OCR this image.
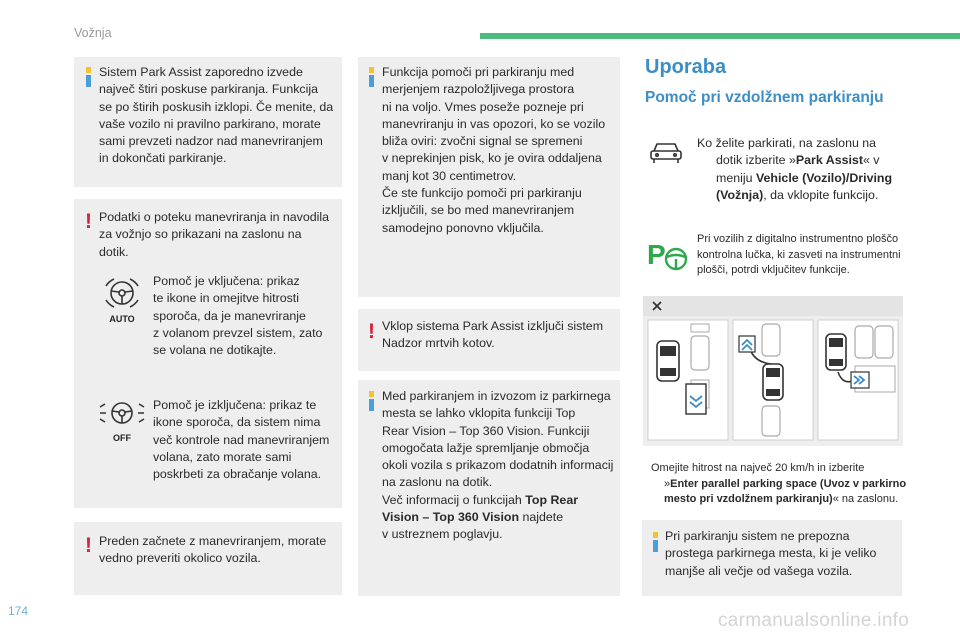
Vožnja
Sistem Park Assist zaporedno izvede
največ štiri poskuse parkiranja. Funkcija
se po štirih poskusih izklopi. Če menite, da
vaše vozilo ni pravilno parkirano, morate
sami prevzeti nadzor nad manevriranjem
in dokončati parkiranje.
! Podatki o poteku manevriranja in navodila
za vožnjo so prikazani na zaslonu na
dotik.
AUTO
Pomoč je vključena: prikaz
te ikone in omejitve hitrosti
sporoča, da je manevriranje
z volanom prevzel sistem, zato
se volana ne dotikajte.
OFF
Pomoč je izključena: prikaz te
ikone sporoča, da sistem nima
več kontrole nad manevriranjem
volana, zato morate sami
poskrbeti za obračanje volana.
! Preden začnete z manevriranjem, morate
vedno preveriti okolico vozila.
Funkcija pomoči pri parkiranju med
merjenjem razpoložljivega prostora
ni na voljo. Vmes poseže pozneje pri
manevriranju in vas opozori, ko se vozilo
bliža oviri: zvočni signal se spremeni
v neprekinjen pisk, ko je ovira oddaljena
manj kot 30 centimetrov.
Če ste funkcijo pomoči pri parkiranju
izključili, se bo med manevriranjem
samodejno ponovno vključila.
! Vklop sistema Park Assist izključi sistem
Nadzor mrtvih kotov.
Med parkiranjem in izvozom iz parkirnega
mesta se lahko vklopita funkciji Top
Rear Vision – Top 360 Vision. Funkciji
omogočata lažje spremljanje območja
okoli vozila s prikazom dodatnih informacij
na zaslonu na dotik.
Več informacij o funkcijah Top Rear
Vision – Top 360 Vision najdete
v ustreznem poglavju.
Uporaba
Pomoč pri vzdolžnem parkiranju
Ko želite parkirati, na zaslonu na
dotik izberite »Park Assist« v
meniju Vehicle (Vozilo)/Driving
(Vožnja), da vklopite funkcijo.
P	Pri vozilih z digitalno instrumentno ploščo
kontrolna lučka, ki zasveti na instrumentni
plošči, potrdi vključitev funkcije.
Omejite hitrost na največ 20 km/h in izberite
»Enter parallel parking space (Uvoz v parkirno
mesto pri vzdolžnem parkiranju)« na zaslonu.
Pri parkiranju sistem ne prepozna
prostega parkirnega mesta, ki je veliko
manjše ali večje od vašega vozila.
174	carmanualsonline.info
